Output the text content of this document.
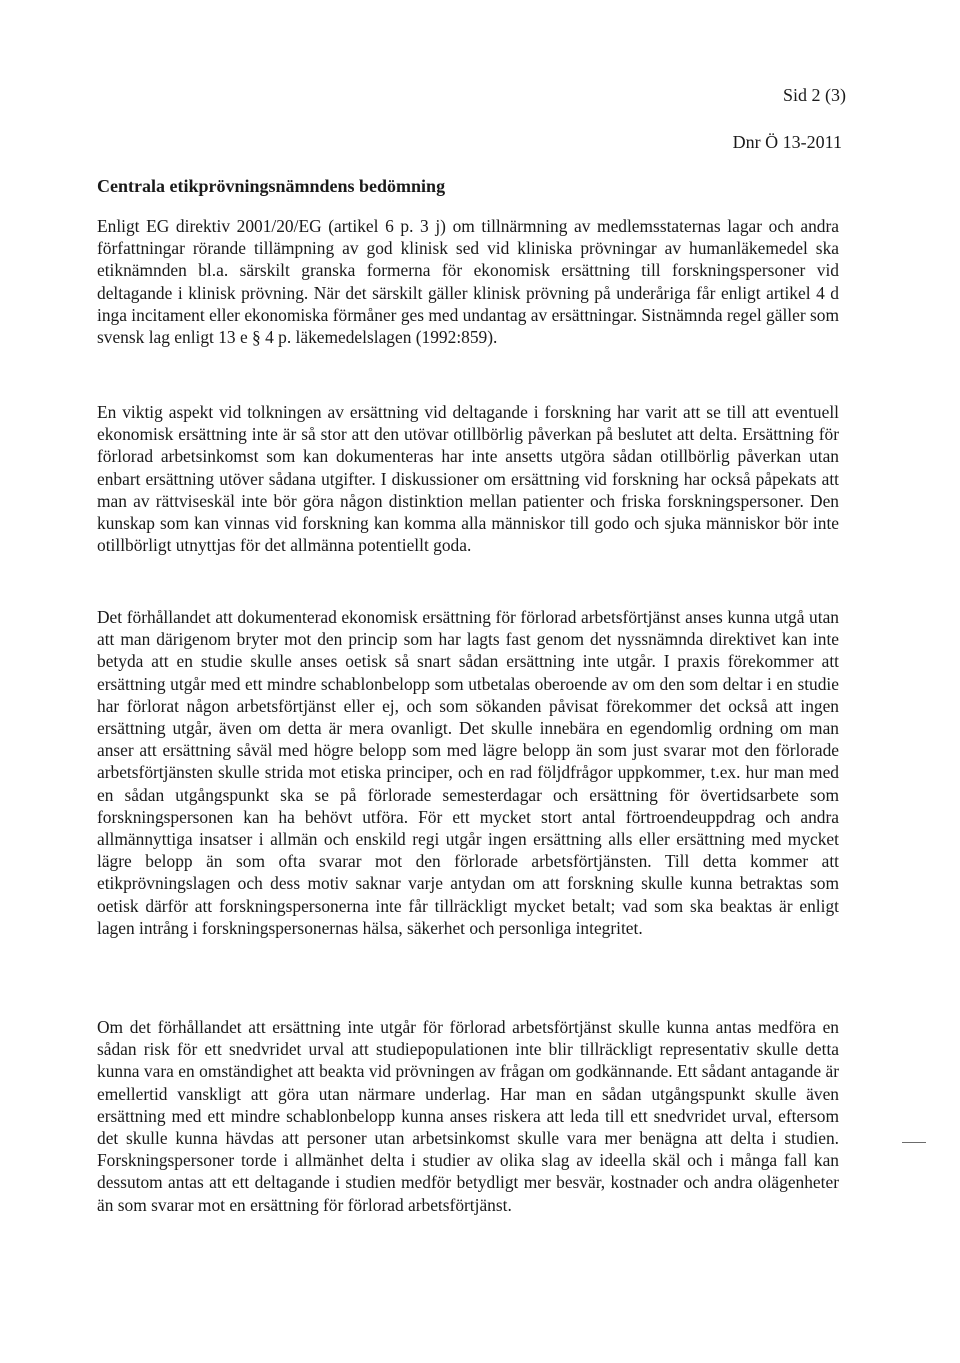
Sid 2 (3)
Dnr Ö 13-2011
Centrala etikprövningsnämndens bedömning

Enligt EG direktiv 2001/20/EG (artikel 6 p. 3 j) om tillnärmning av medlemsstaternas lagar och andra författningar rörande tillämpning av god klinisk sed vid kliniska prövningar av humanläkemedel ska etiknämnden bl.a. särskilt granska formerna för ekonomisk ersättning till forskningspersoner vid deltagande i klinisk prövning. När det särskilt gäller klinisk prövning på underåriga får enligt artikel 4 d inga incitament eller ekonomiska förmåner ges med undantag av ersättningar. Sistnämnda regel gäller som svensk lag enligt 13 e § 4 p. läkemedelslagen (1992:859).

En viktig aspekt vid tolkningen av ersättning vid deltagande i forskning har varit att se till att eventuell ekonomisk ersättning inte är så stor att den utövar otillbörlig påverkan på beslutet att delta. Ersättning för förlorad arbetsinkomst som kan dokumenteras har inte ansetts utgöra sådan otillbörlig påverkan utan enbart ersättning utöver sådana utgifter. I diskussioner om ersättning vid forskning har också påpekats att man av rättviseskäl inte bör göra någon distinktion mellan patienter och friska forskningspersoner. Den kunskap som kan vinnas vid forskning kan komma alla människor till godo och sjuka människor bör inte otillbörligt utnyttjas för det allmänna potentiellt goda.

Det förhållandet att dokumenterad ekonomisk ersättning för förlorad arbetsförtjänst anses kunna utgå utan att man därigenom bryter mot den princip som har lagts fast genom det nyssnämnda direktivet kan inte betyda att en studie skulle anses oetisk så snart sådan ersättning inte utgår. I praxis förekommer att ersättning utgår med ett mindre schablonbelopp som utbetalas oberoende av om den som deltar i en studie har förlorat någon arbetsförtjänst eller ej, och som sökanden påvisat förekommer det också att ingen ersättning utgår, även om detta är mera ovanligt. Det skulle innebära en egendomlig ordning om man anser att ersättning såväl med högre belopp som med lägre belopp än som just svarar mot den förlorade arbetsförtjänsten skulle strida mot etiska principer, och en rad följdfrågor uppkommer, t.ex. hur man med en sådan utgångspunkt ska se på förlorade semesterdagar och ersättning för övertidsarbete som forskningspersonen kan ha behövt utföra. För ett mycket stort antal förtroendeuppdrag och andra allmännyttiga insatser i allmän och enskild regi utgår ingen ersättning alls eller ersättning med mycket lägre belopp än som ofta svarar mot den förlorade arbetsförtjänsten. Till detta kommer att etikprövningslagen och dess motiv saknar varje antydan om att forskning skulle kunna betraktas som oetisk därför att forskningspersonerna inte får tillräckligt mycket betalt; vad som ska beaktas är enligt lagen intrång i forskningspersonernas hälsa, säkerhet och personliga integritet.

Om det förhållandet att ersättning inte utgår för förlorad arbetsförtjänst skulle kunna antas medföra en sådan risk för ett snedvridet urval att studiepopulationen inte blir tillräckligt representativ skulle detta kunna vara en omständighet att beakta vid prövningen av frågan om godkännande. Ett sådant antagande är emellertid vanskligt att göra utan närmare underlag. Har man en sådan utgångspunkt skulle även ersättning med ett mindre schablonbelopp kunna anses riskera att leda till ett snedvridet urval, eftersom det skulle kunna hävdas att personer utan arbetsinkomst skulle vara mer benägna att delta i studien. Forskningspersoner torde i allmänhet delta i studier av olika slag av ideella skäl och i många fall kan dessutom antas att ett deltagande i studien medför betydligt mer besvär, kostnader och andra olägenheter än som svarar mot en ersättning för förlorad arbetsförtjänst.
